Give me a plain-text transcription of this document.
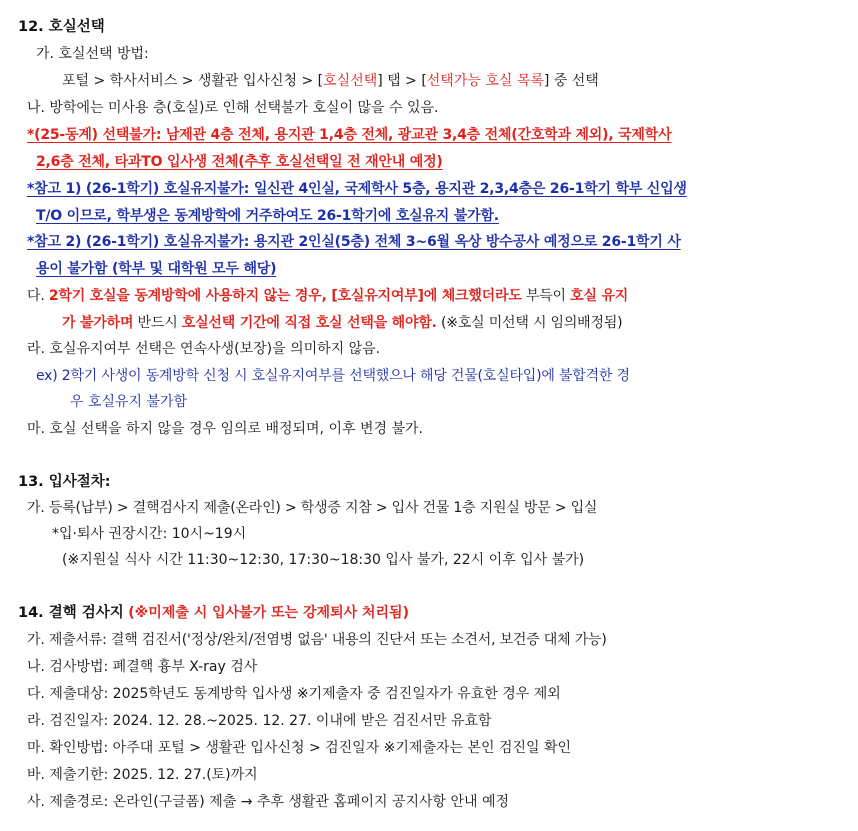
12. 호실선택
가. 호실선택 방법:
포털 > 학사서비스 > 생활관 입사신청 > [호실선택] 탭 > [선택가능 호실 목록] 중 선택
나. 방학에는 미사용 층(호실)로 인해 선택불가 호실이 많을 수 있음.
*(25-동계) 선택불가: 남제관 4층 전체, 용지관 1,4층 전체, 광교관 3,4층 전체(간호학과 제외), 국제학사
2,6층 전체, 타과TO 입사생 전체(추후 호실선택일 전 재안내 예정)
*참고 1) (26-1학기) 호실유지불가: 일신관 4인실, 국제학사 5층, 용지관 2,3,4층은 26-1학기 학부 신입생
T/O 이므로, 학부생은 동계방학에 거주하여도 26-1학기에 호실유지 불가함.
*참고 2) (26-1학기) 호실유지불가: 용지관 2인실(5층) 전체 3~6월 옥상 방수공사 예정으로 26-1학기 사
용이 불가함 (학부 및 대학원 모두 해당)
다. 2학기 호실을 동계방학에 사용하지 않는 경우, [호실유지여부]에 체크했더라도 부득이 호실 유지
가 불가하며 반드시 호실선택 기간에 직접 호실 선택을 해야함. (※호실 미선택 시 임의배정됨)
라. 호실유지여부 선택은 연속사생(보장)을 의미하지 않음.
ex) 2학기 사생이 동계방학 신청 시 호실유지여부를 선택했으나 해당 건물(호실타입)에 불합격한 경
우 호실유지 불가함
마. 호실 선택을 하지 않을 경우 임의로 배정되며, 이후 변경 불가.
13. 입사절차:
가. 등록(납부) > 결핵검사지 제출(온라인) > 학생증 지참 > 입사 건물 1층 지원실 방문 > 입실
*입·퇴사 권장시간: 10시~19시
(※지원실 식사 시간 11:30~12:30, 17:30~18:30 입사 불가, 22시 이후 입사 불가)
14. 결핵 검사지 (※미제출 시 입사불가 또는 강제퇴사 처리됨)
가. 제출서류: 결핵 검진서('정상/완치/전염병 없음' 내용의 진단서 또는 소견서, 보건증 대체 가능)
나. 검사방법: 폐결핵 흉부 X-ray 검사
다. 제출대상: 2025학년도 동계방학 입사생 ※기제출자 중 검진일자가 유효한 경우 제외
라. 검진일자: 2024. 12. 28.~2025. 12. 27. 이내에 받은 검진서만 유효함
마. 확인방법: 아주대 포털 > 생활관 입사신청 > 검진일자 ※기제출자는 본인 검진일 확인
바. 제출기한: 2025. 12. 27.(토)까지
사. 제출경로: 온라인(구글폼) 제출 → 추후 생활관 홈페이지 공지사항 안내 예정
